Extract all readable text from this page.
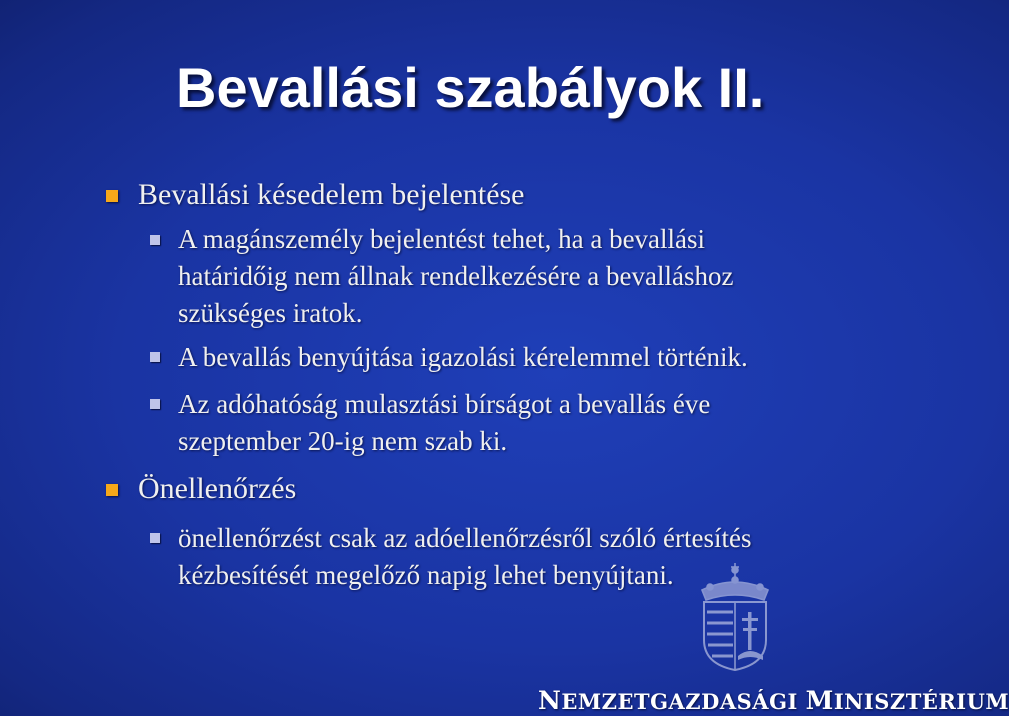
Bevallási szabályok II.
Bevallási késedelem bejelentése
A magánszemély bejelentést tehet, ha a bevallási
határidőig nem állnak rendelkezésére a bevalláshoz
szükséges iratok.
A bevallás benyújtása igazolási kérelemmel történik.
Az adóhatóság mulasztási bírságot a bevallás éve
szeptember 20-ig nem szab ki.
Önellenőrzés
önellenőrzést csak az adóellenőrzésről szóló értesítés
kézbesítését megelőző napig lehet benyújtani.
NEMZETGAZDASÁGI MINISZTÉRIUM
